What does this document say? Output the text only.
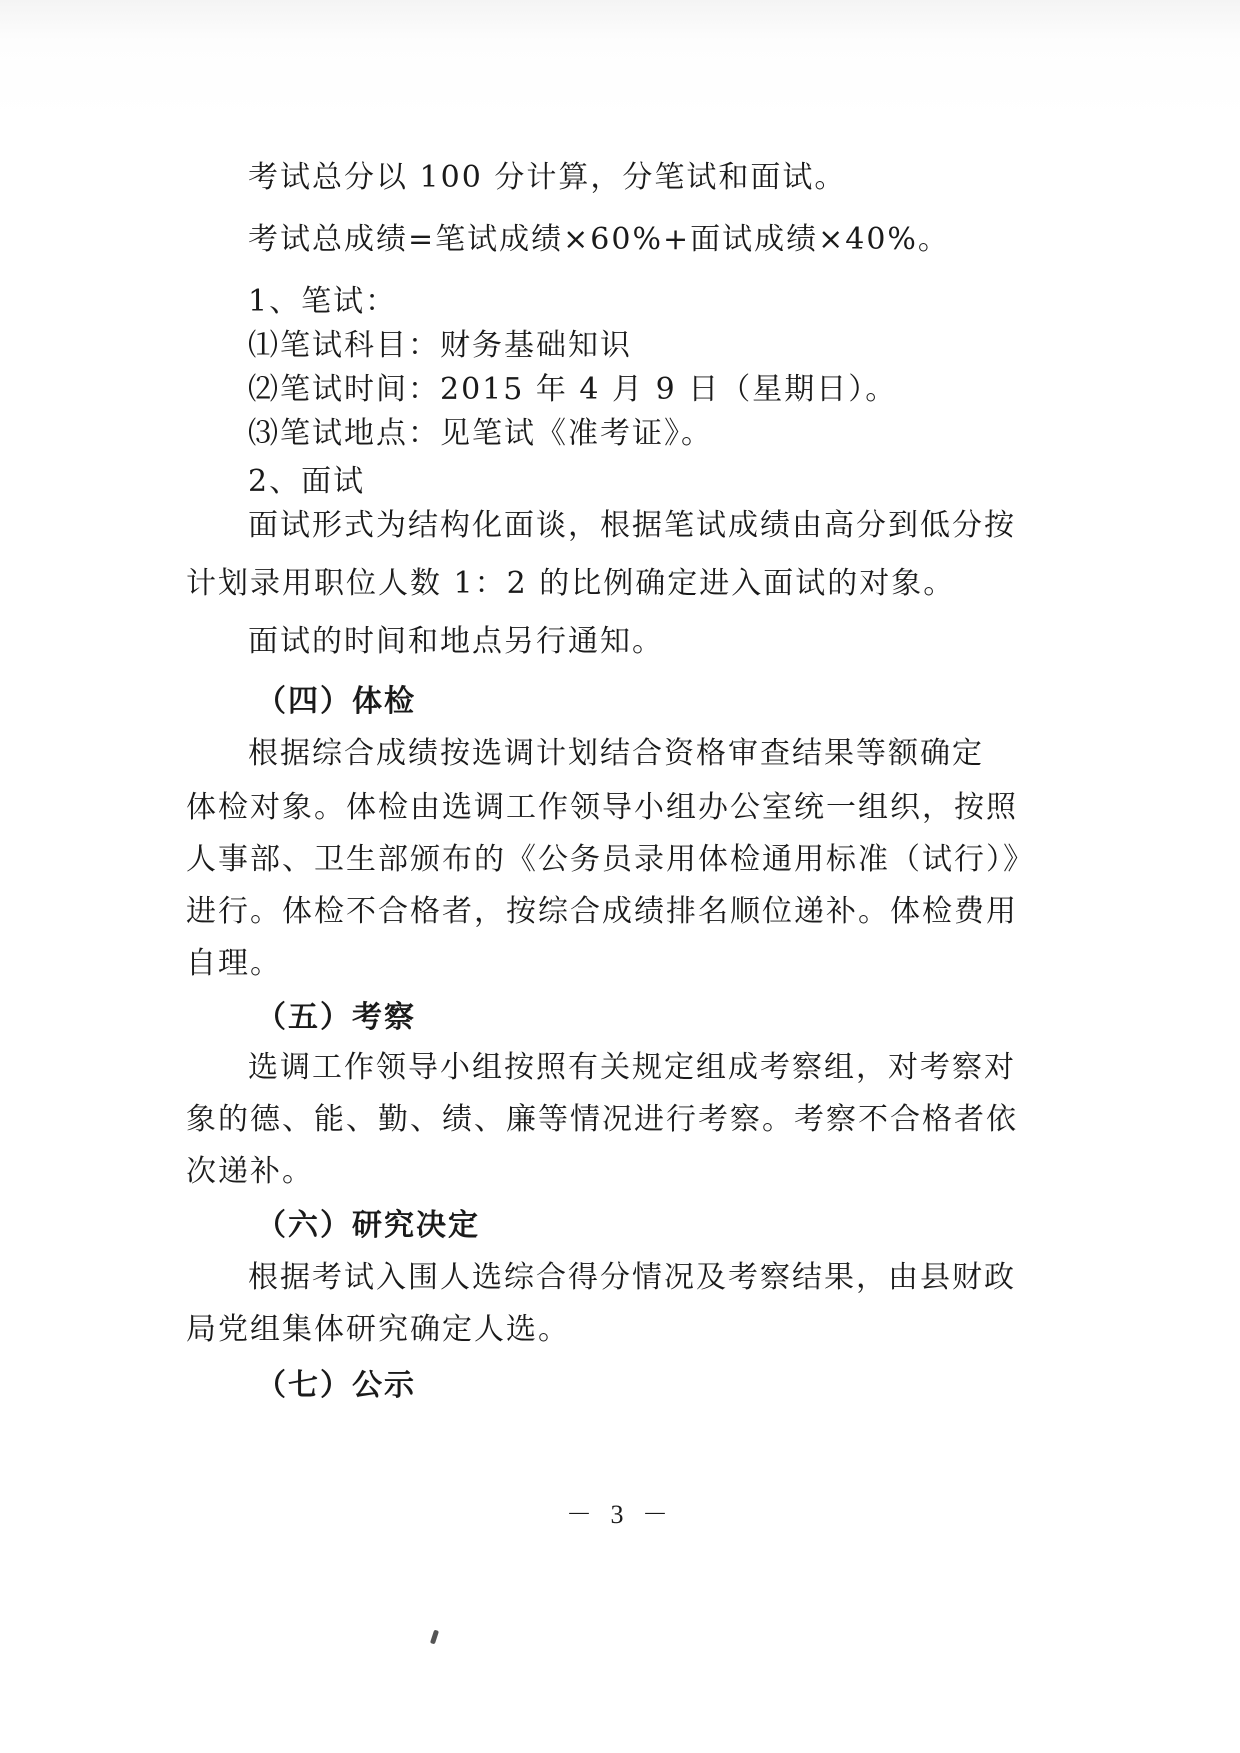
考试总分以 100 分计算，分笔试和面试。
考试总成绩=笔试成绩×60%+面试成绩×40%。
1、笔试：
⑴笔试科目：财务基础知识
⑵笔试时间：2015 年 4 月 9 日（星期日）。
⑶笔试地点：见笔试《准考证》。
2、面试
面试形式为结构化面谈，根据笔试成绩由高分到低分按
计划录用职位人数 1：2 的比例确定进入面试的对象。
面试的时间和地点另行通知。
（四）体检
根据综合成绩按选调计划结合资格审查结果等额确定
体检对象。体检由选调工作领导小组办公室统一组织，按照
人事部、卫生部颁布的《公务员录用体检通用标准（试行）》
进行。体检不合格者，按综合成绩排名顺位递补。体检费用
自理。
（五）考察
选调工作领导小组按照有关规定组成考察组，对考察对
象的德、能、勤、绩、廉等情况进行考察。考察不合格者依
次递补。
（六）研究决定
根据考试入围人选综合得分情况及考察结果，由县财政
局党组集体研究确定人选。
（七）公示
－ 3 －
